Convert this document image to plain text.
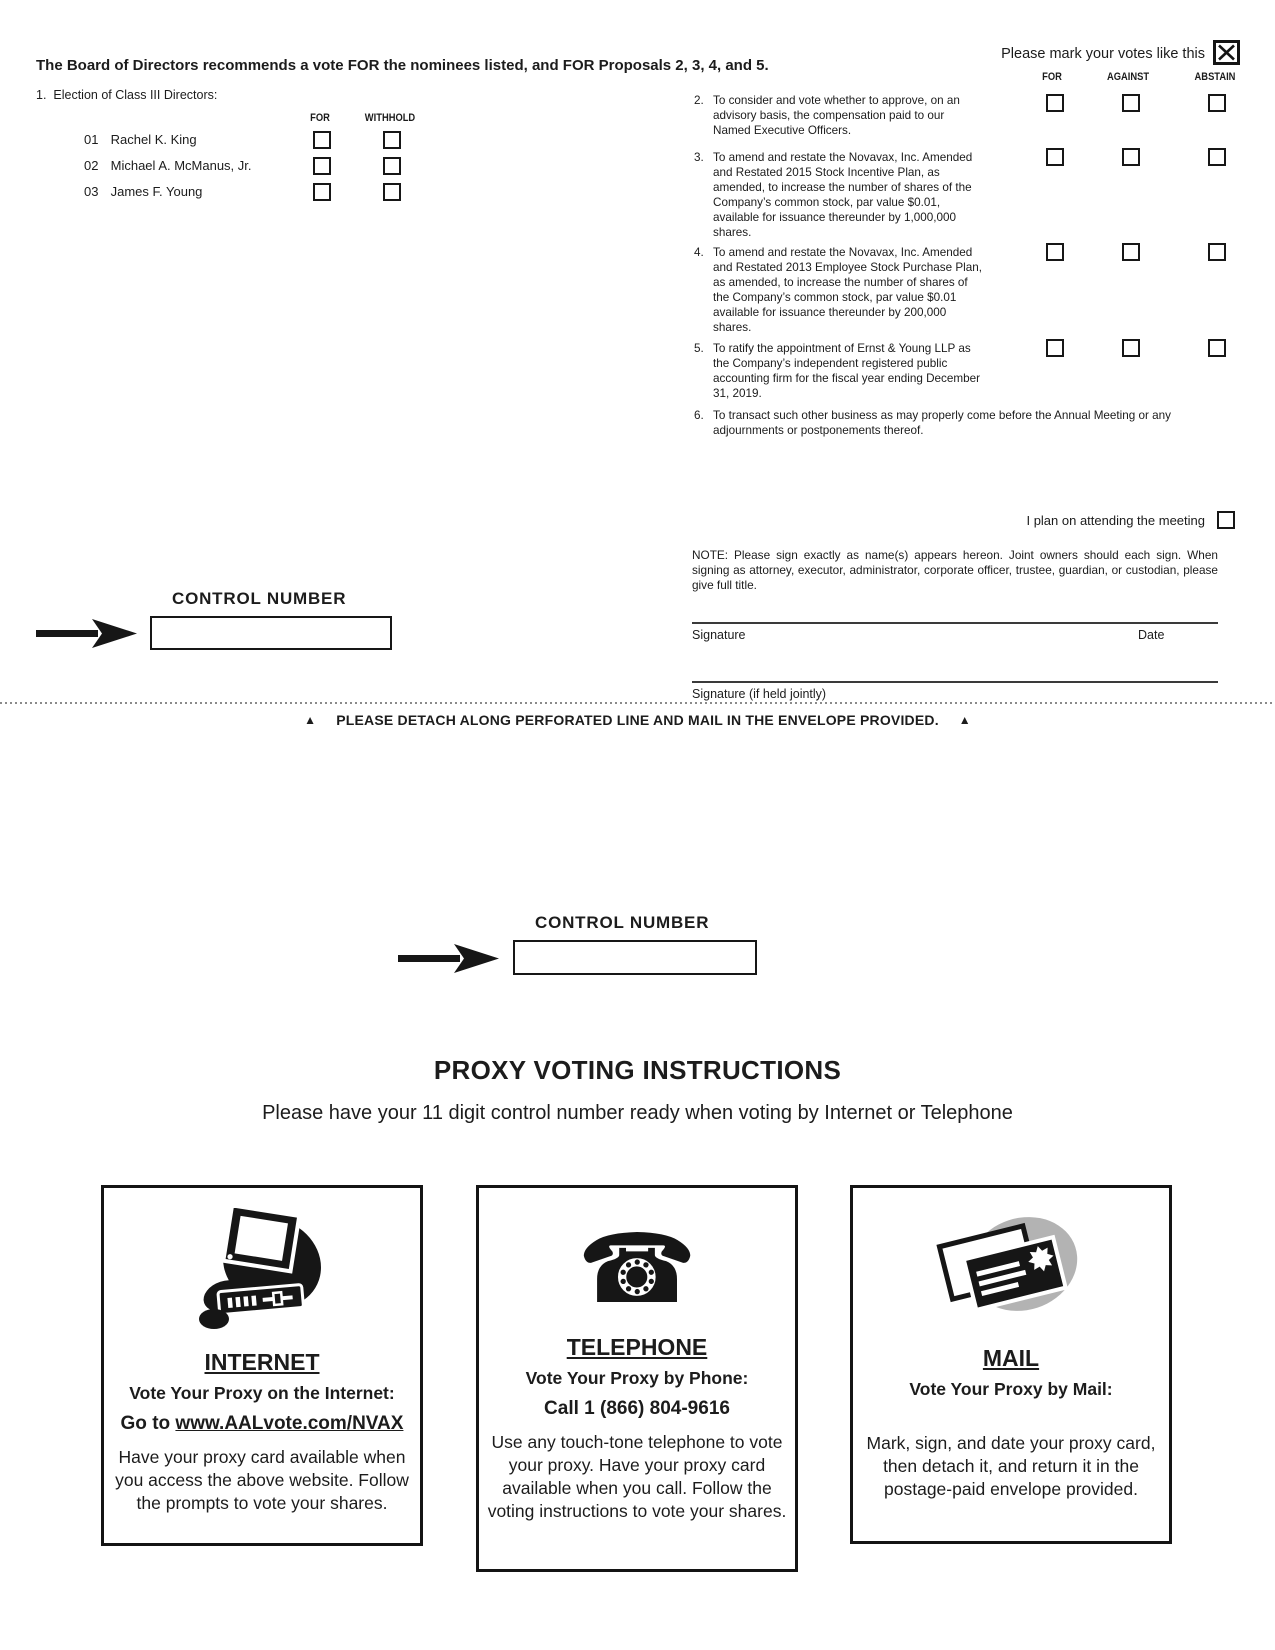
Please mark your votes like this
The Board of Directors recommends a vote FOR the nominees listed, and FOR Proposals 2, 3, 4, and 5.
FOR	AGAINST	ABSTAIN
1. Election of Class III Directors:
FOR	WITHHOLD
01 Rachel K. King
02 Michael A. McManus, Jr.
03 James F. Young
2. To consider and vote whether to approve, on an advisory basis, the compensation paid to our Named Executive Officers.
3. To amend and restate the Novavax, Inc. Amended and Restated 2015 Stock Incentive Plan, as amended, to increase the number of shares of the Company’s common stock, par value $0.01, available for issuance thereunder by 1,000,000 shares.
4. To amend and restate the Novavax, Inc. Amended and Restated 2013 Employee Stock Purchase Plan, as amended, to increase the number of shares of the Company’s common stock, par value $0.01 available for issuance thereunder by 200,000 shares.
5. To ratify the appointment of Ernst & Young LLP as the Company’s independent registered public accounting firm for the fiscal year ending December 31, 2019.
6. To transact such other business as may properly come before the Annual Meeting or any adjournments or postponements thereof.
I plan on attending the meeting
NOTE: Please sign exactly as name(s) appears hereon. Joint owners should each sign. When signing as attorney, executor, administrator, corporate officer, trustee, guardian, or custodian, please give full title.
CONTROL NUMBER
Signature	Date
Signature (if held jointly)
▲ PLEASE DETACH ALONG PERFORATED LINE AND MAIL IN THE ENVELOPE PROVIDED. ▲
CONTROL NUMBER
PROXY VOTING INSTRUCTIONS
Please have your 11 digit control number ready when voting by Internet or Telephone
INTERNET
Vote Your Proxy on the Internet:
Go to www.AALvote.com/NVAX
Have your proxy card available when you access the above website. Follow the prompts to vote your shares.
☎
TELEPHONE
Vote Your Proxy by Phone:
Call 1 (866) 804-9616
Use any touch-tone telephone to vote your proxy. Have your proxy card available when you call. Follow the voting instructions to vote your shares.
MAIL
Vote Your Proxy by Mail:
Mark, sign, and date your proxy card, then detach it, and return it in the postage-paid envelope provided.
